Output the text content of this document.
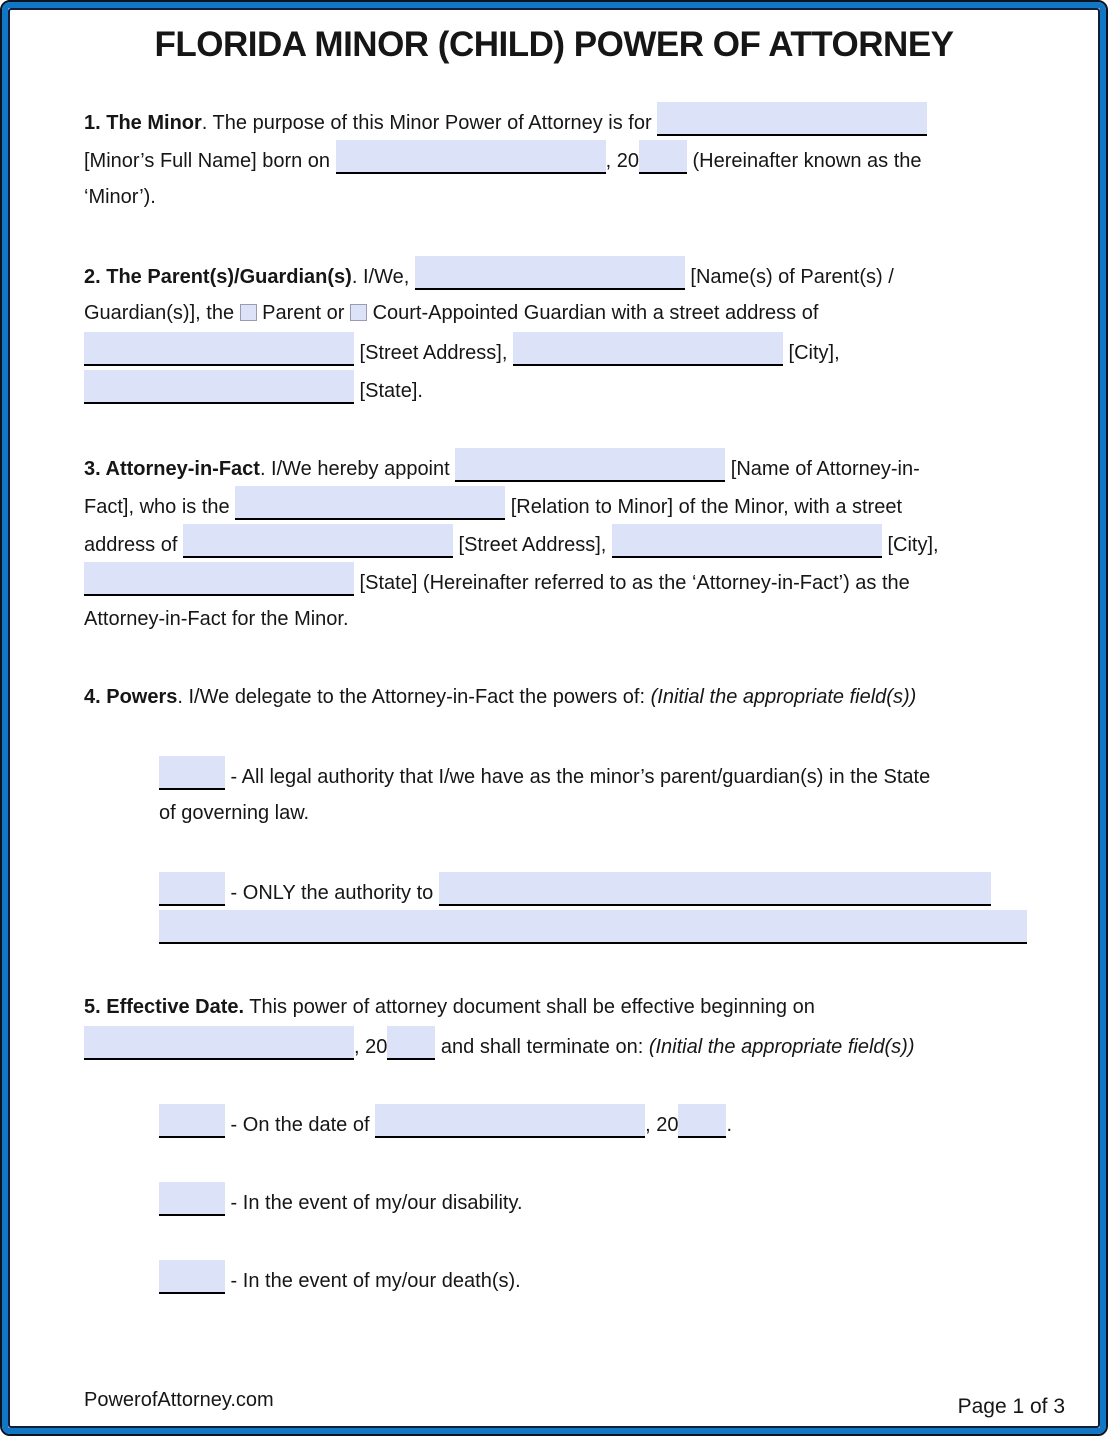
FLORIDA MINOR (CHILD) POWER OF ATTORNEY
1. The Minor. The purpose of this Minor Power of Attorney is for
[Minor’s Full Name] born on	, 20 (Hereinafter known as the
‘Minor’).
2. The Parent(s)/Guardian(s). I/We,	[Name(s) of Parent(s) /
Guardian(s)], the  Parent or  Court-Appointed Guardian with a street address of
[Street Address],	[City],
[State].
3. Attorney-in-Fact. I/We hereby appoint	[Name of Attorney-in-
Fact], who is the	[Relation to Minor] of the Minor, with a street
address of	[Street Address],	[City],
[State] (Hereinafter referred to as the ‘Attorney-in-Fact’) as the
Attorney-in-Fact for the Minor.
4. Powers. I/We delegate to the Attorney-in-Fact the powers of: (Initial the appropriate field(s))
- All legal authority that I/we have as the minor’s parent/guardian(s) in the State
of governing law.
- ONLY the authority to
5. Effective Date. This power of attorney document shall be effective beginning on
, 20 and shall terminate on: (Initial the appropriate field(s))
- On the date of	, 20 .
- In the event of my/our disability.
- In the event of my/our death(s).
PowerofAttorney.com	Page 1 of 3
